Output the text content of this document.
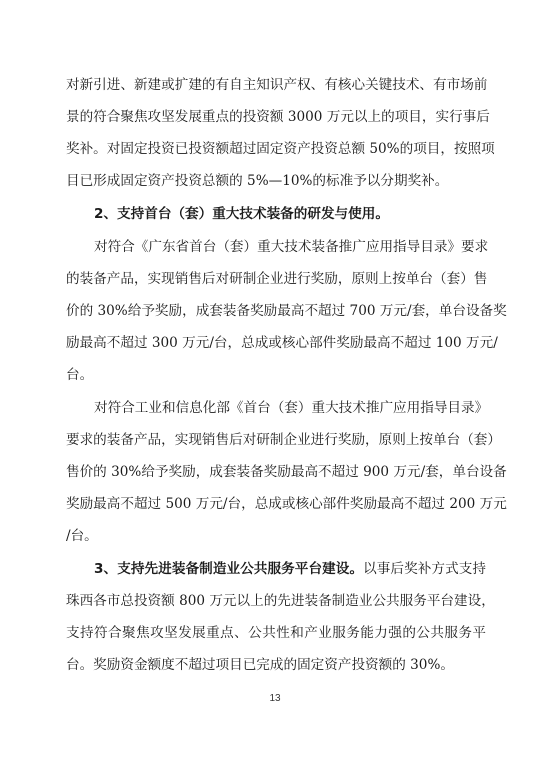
对新引进、新建或扩建的有自主知识产权、有核心关键技术、有市场前
景的符合聚焦攻坚发展重点的投资额 3000 万元以上的项目，实行事后
奖补。对固定投资已投资额超过固定资产投资总额 50%的项目，按照项
目已形成固定资产投资总额的 5%—10%的标准予以分期奖补。
2、支持首台（套）重大技术装备的研发与使用。
对符合《广东省首台（套）重大技术装备推广应用指导目录》要求
的装备产品，实现销售后对研制企业进行奖励，原则上按单台（套）售
价的 30%给予奖励，成套装备奖励最高不超过 700 万元/套，单台设备奖
励最高不超过 300 万元/台，总成或核心部件奖励最高不超过 100 万元/
台。
对符合工业和信息化部《首台（套）重大技术推广应用指导目录》
要求的装备产品，实现销售后对研制企业进行奖励，原则上按单台（套）
售价的 30%给予奖励，成套装备奖励最高不超过 900 万元/套，单台设备
奖励最高不超过 500 万元/台，总成或核心部件奖励最高不超过 200 万元
/台。
3、支持先进装备制造业公共服务平台建设。以事后奖补方式支持
珠西各市总投资额 800 万元以上的先进装备制造业公共服务平台建设，
支持符合聚焦攻坚发展重点、公共性和产业服务能力强的公共服务平
台。奖励资金额度不超过项目已完成的固定资产投资额的 30%。
13
